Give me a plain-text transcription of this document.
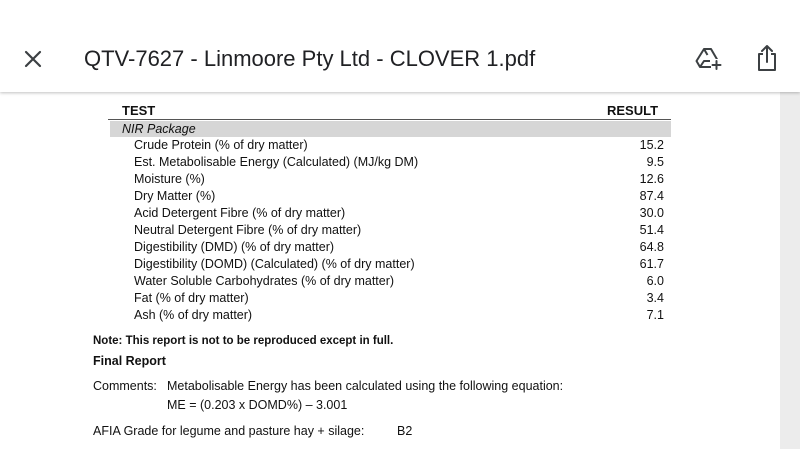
QTV-7627 - Linmoore Pty Ltd - CLOVER 1.pdf
TEST	RESULT
NIR Package
Crude Protein (% of dry matter)	15.2
Est. Metabolisable Energy (Calculated) (MJ/kg DM)	9.5
Moisture (%)	12.6
Dry Matter (%)	87.4
Acid Detergent Fibre (% of dry matter)	30.0
Neutral Detergent Fibre (% of dry matter)	51.4
Digestibility (DMD) (% of dry matter)	64.8
Digestibility (DOMD) (Calculated) (% of dry matter)	61.7
Water Soluble Carbohydrates (% of dry matter)	6.0
Fat (% of dry matter)	3.4
Ash (% of dry matter)	7.1
Note: This report is not to be reproduced except in full.
Final Report
Comments: Metabolisable Energy has been calculated using the following equation:
ME = (0.203 x DOMD%) – 3.001
AFIA Grade for legume and pasture hay + silage:	B2
